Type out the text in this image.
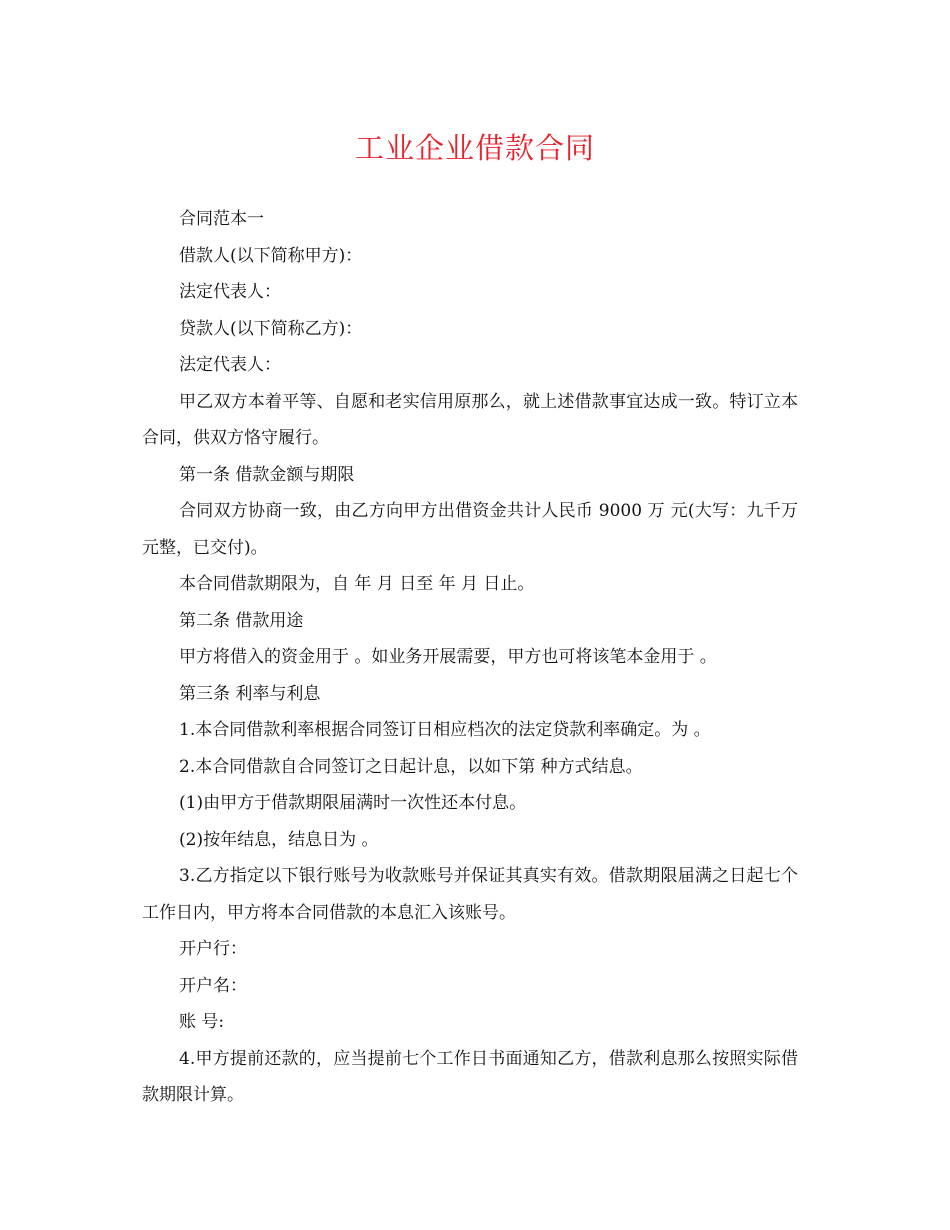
工业企业借款合同

合同范本一

借款人(以下简称甲方)：

法定代表人：

贷款人(以下简称乙方)：

法定代表人：

甲乙双方本着平等、自愿和老实信用原那么，就上述借款事宜达成一致。特订立本合同，供双方恪守履行。

第一条 借款金额与期限

合同双方协商一致，由乙方向甲方出借资金共计人民币 9000 万 元(大写：九千万元整，已交付)。

本合同借款期限为，自 年 月 日至 年 月 日止。

第二条 借款用途

甲方将借入的资金用于 。如业务开展需要，甲方也可将该笔本金用于 。

第三条 利率与利息

1.本合同借款利率根据合同签订日相应档次的法定贷款利率确定。为 。

2.本合同借款自合同签订之日起计息，以如下第 种方式结息。

(1)由甲方于借款期限届满时一次性还本付息。

(2)按年结息，结息日为 。

3.乙方指定以下银行账号为收款账号并保证其真实有效。借款期限届满之日起七个工作日内，甲方将本合同借款的本息汇入该账号。

开户行：

开户名：

账 号:

4.甲方提前还款的，应当提前七个工作日书面通知乙方，借款利息那么按照实际借款期限计算。
